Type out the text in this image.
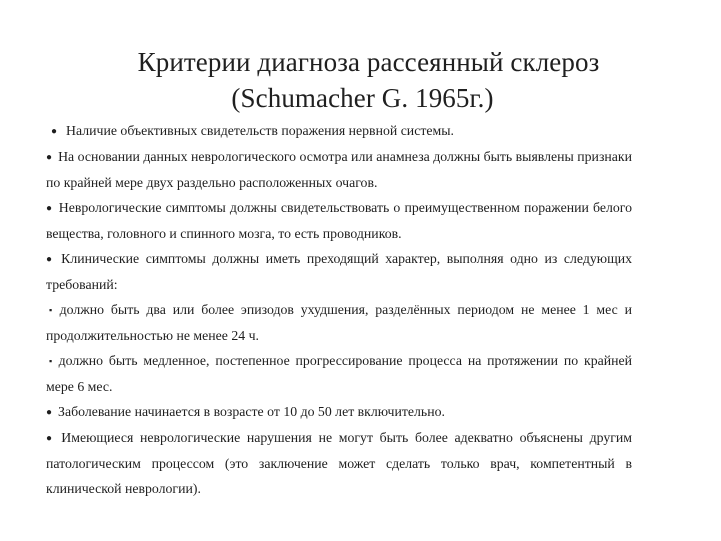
Критерии диагноза рассеянный склероз
(Schumacher G. 1965г.)
● Наличие объективных свидетельств поражения нервной системы.
● На основании данных неврологического осмотра или анамнеза должны быть выявлены признаки по крайней мере двух раздельно расположенных очагов.
● Неврологические симптомы должны свидетельствовать о преимущественном поражении белого вещества, головного и спинного мозга, то есть проводников.
● Клинические симптомы должны иметь преходящий характер, выполняя одно из следующих требований:
▪ должно быть два или более эпизодов ухудшения, разделённых периодом не менее 1 мес и продолжительностью не менее 24 ч.
▪ должно быть медленное, постепенное прогрессирование процесса на протяжении по крайней мере 6 мес.
● Заболевание начинается в возрасте от 10 до 50 лет включительно.
● Имеющиеся неврологические нарушения не могут быть более адекватно объяснены другим патологическим процессом (это заключение может сделать только врач, компетентный в клинической неврологии).
